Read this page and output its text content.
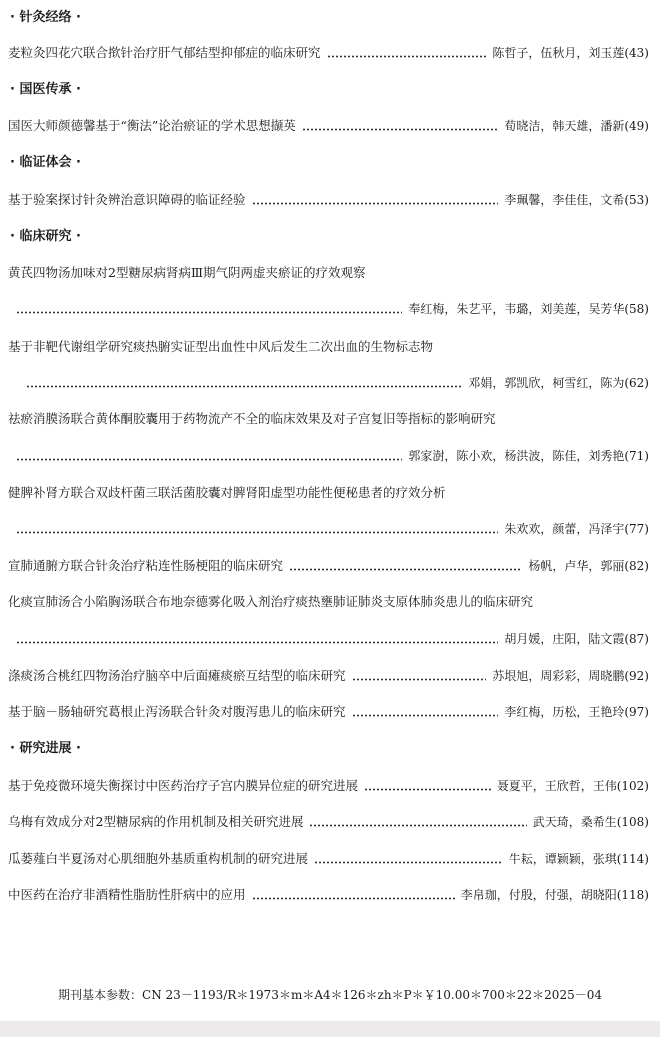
· 针灸经络 ·
麦粒灸四花穴联合揿针治疗肝气郁结型抑郁症的临床研究	陈哲子，伍秋月，刘玉莲 (43)
· 国医传承 ·
国医大师颜德馨基于“衡法”论治瘀证的学术思想撷英	荀晓洁，韩天雄，潘新 (49)
· 临证体会 ·
基于验案探讨针灸辨治意识障碍的临证经验	李珮馨，李佳佳，文希 (53)
· 临床研究 ·
黄芪四物汤加味对2型糖尿病肾病Ⅲ期气阴两虚夹瘀证的疗效观察
奉红梅，朱艺平，韦璐，刘美莲，吴芳华 (58)
基于非靶代谢组学研究痰热腑实证型出血性中风后发生二次出血的生物标志物
邓娟，郭凯欣，柯雪红，陈为 (62)
祛瘀消膜汤联合黄体酮胶囊用于药物流产不全的临床效果及对子宫复旧等指标的影响研究
郭家澍，陈小欢，杨洪波，陈佳，刘秀艳 (71)
健脾补肾方联合双歧杆菌三联活菌胶囊对脾肾阳虚型功能性便秘患者的疗效分析
朱欢欢，颜蕾，冯泽宇 (77)
宣肺通腑方联合针灸治疗粘连性肠梗阻的临床研究	杨帆，卢华，郭丽 (82)
化痰宣肺汤合小陷胸汤联合布地奈德雾化吸入剂治疗痰热壅肺证肺炎支原体肺炎患儿的临床研究
胡月媛，庄阳，陆文霞 (87)
涤痰汤合桃红四物汤治疗脑卒中后面瘫痰瘀互结型的临床研究	苏垠旭，周彩彩，周晓鹏 (92)
基于脑－肠轴研究葛根止泻汤联合针灸对腹泻患儿的临床研究	李红梅，历松，王艳玲 (97)
· 研究进展 ·
基于免疫微环境失衡探讨中医药治疗子宫内膜异位症的研究进展	聂夏平，王欣哲，王伟 (102)
乌梅有效成分对2型糖尿病的作用机制及相关研究进展	武天琦，桑希生 (108)
瓜蒌薤白半夏汤对心肌细胞外基质重构机制的研究进展	牛耘，谭颖颖，张琪 (114)
中医药在治疗非酒精性脂肪性肝病中的应用	李帛珈，付殷，付强，胡晓阳 (118)
期刊基本参数：CN 23－1193/R＊1973＊m＊A4＊126＊zh＊P＊￥10.00＊700＊22＊2025－04
